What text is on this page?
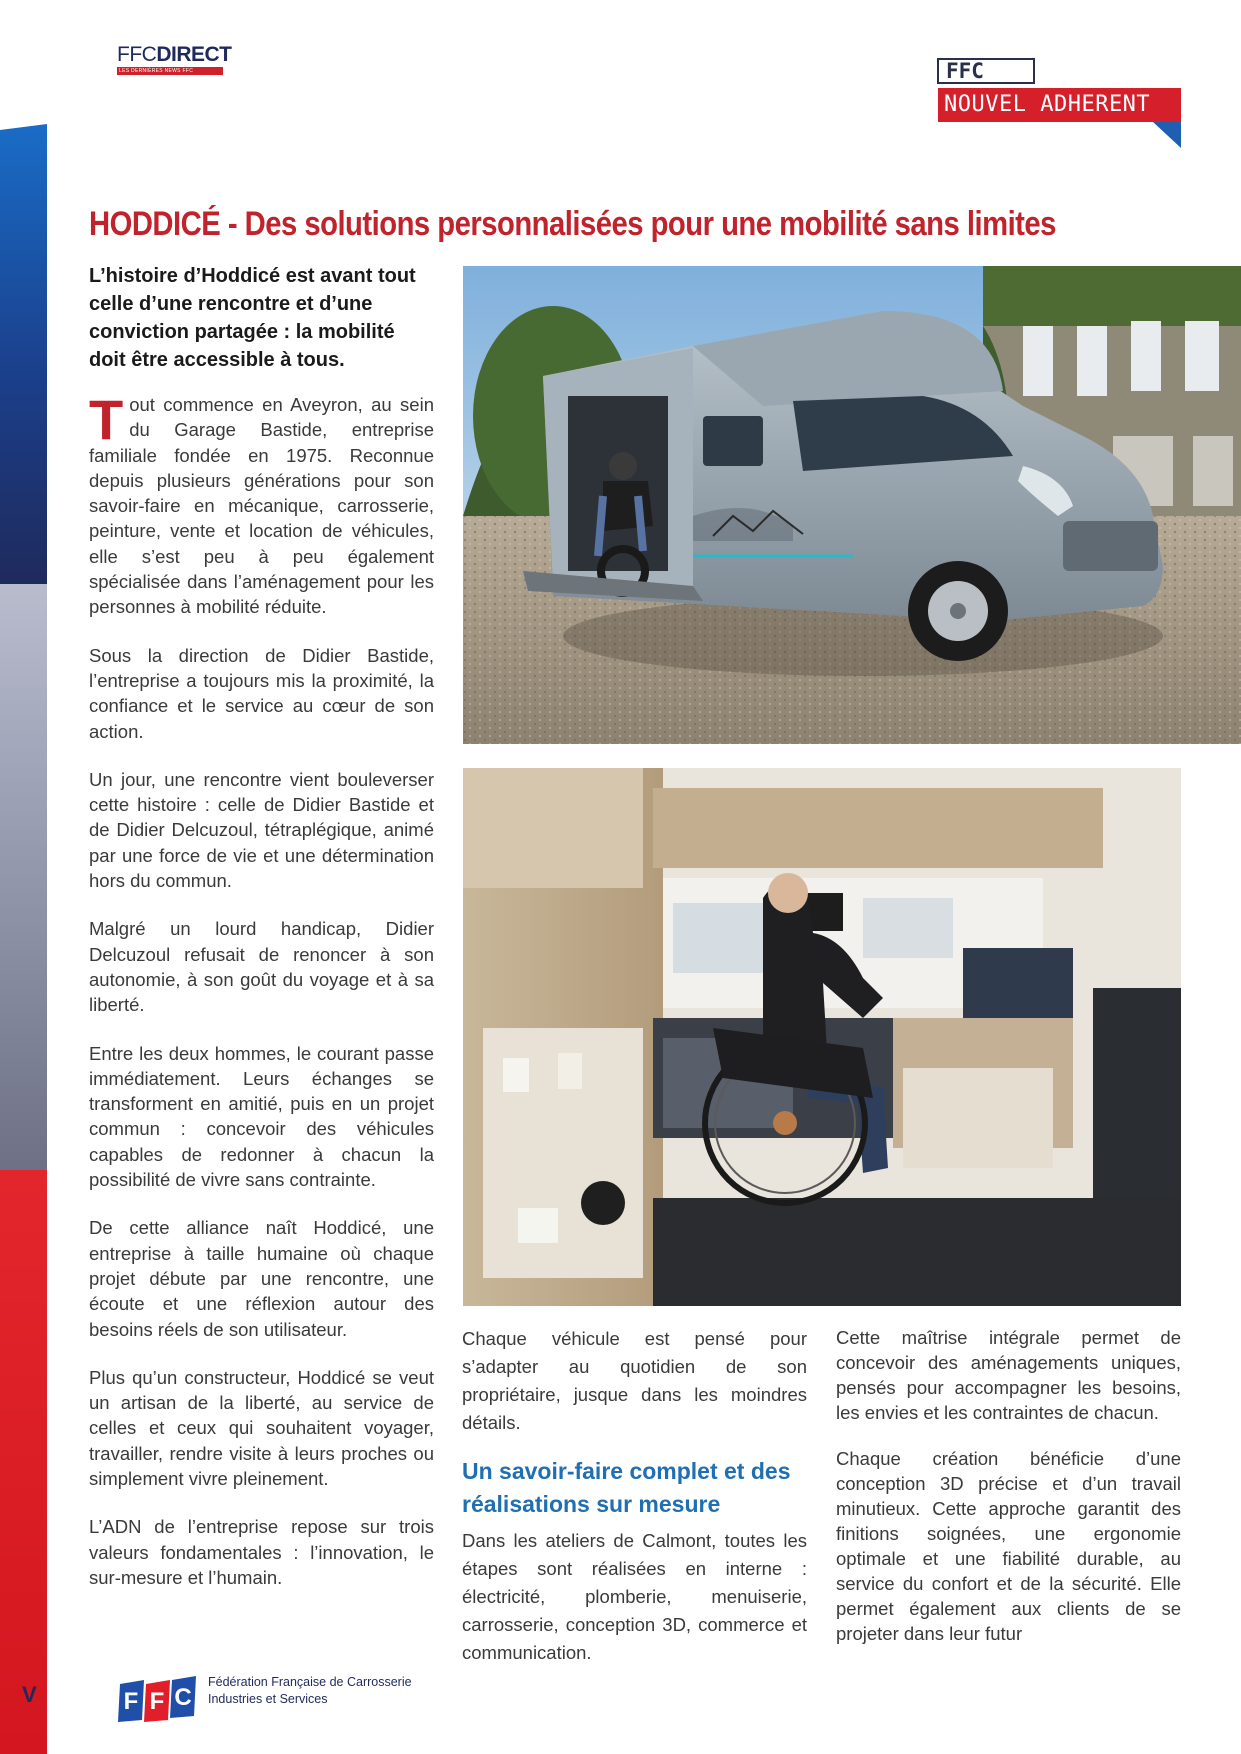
V
FFCDIRECT
LES DERNIÈRES NEWS FFC	FFC
NOUVEL ADHERENT
HODDICÉ - Des solutions personnalisées pour une mobilité sans limites
L’histoire d’Hoddicé est avant tout celle d’une rencontre et d’une conviction partagée : la mobilité doit être accessible à tous.

Tout commence en Aveyron, au sein du Garage Bastide, entreprise familiale fondée en 1975. Reconnue depuis plusieurs générations pour son savoir-faire en mécanique, carrosserie, peinture, vente et location de véhicules, elle s’est peu à peu également spécialisée dans l’aménagement pour les personnes à mobilité réduite.

Sous la direction de Didier Bastide, l’entreprise a toujours mis la proximité, la confiance et le service au cœur de son action.

Un jour, une rencontre vient bouleverser cette histoire : celle de Didier Bastide et de Didier Delcuzoul, tétraplégique, animé par une force de vie et une détermination hors du commun.

Malgré un lourd handicap, Didier Delcuzoul refusait de renoncer à son autonomie, à son goût du voyage et à sa liberté.

Entre les deux hommes, le courant passe immédiatement. Leurs échanges se transforment en amitié, puis en un projet commun : concevoir des véhicules capables de redonner à chacun la possibilité de vivre sans contrainte.

De cette alliance naît Hoddicé, une entreprise à taille humaine où chaque projet débute par une rencontre, une écoute et une réflexion autour des besoins réels de son utilisateur.

Plus qu’un constructeur, Hoddicé se veut un artisan de la liberté, au service de celles et ceux qui souhaitent voyager, travailler, rendre visite à leurs proches ou simplement vivre pleinement.

L’ADN de l’entreprise repose sur trois valeurs fondamentales : l’innovation, le sur-mesure et l’humain.

Chaque véhicule est pensé pour s’adapter au quotidien de son propriétaire, jusque dans les moindres détails.

Un savoir-faire complet et des réalisations sur mesure

Dans les ateliers de Calmont, toutes les étapes sont réalisées en interne : électricité, plomberie, menuiserie, carrosserie, conception 3D, commerce et communication.

Cette maîtrise intégrale permet de concevoir des aménagements uniques, pensés pour accompagner les besoins, les envies et les contraintes de chacun.

Chaque création bénéficie d’une conception 3D précise et d’un travail minutieux. Cette approche garantit des finitions soignées, une ergonomie optimale et une fiabilité durable, au service du confort et de la sécurité. Elle permet également aux clients de se projeter dans leur futur

F F C
Fédération Française de Carrosserie
Industries et Services
